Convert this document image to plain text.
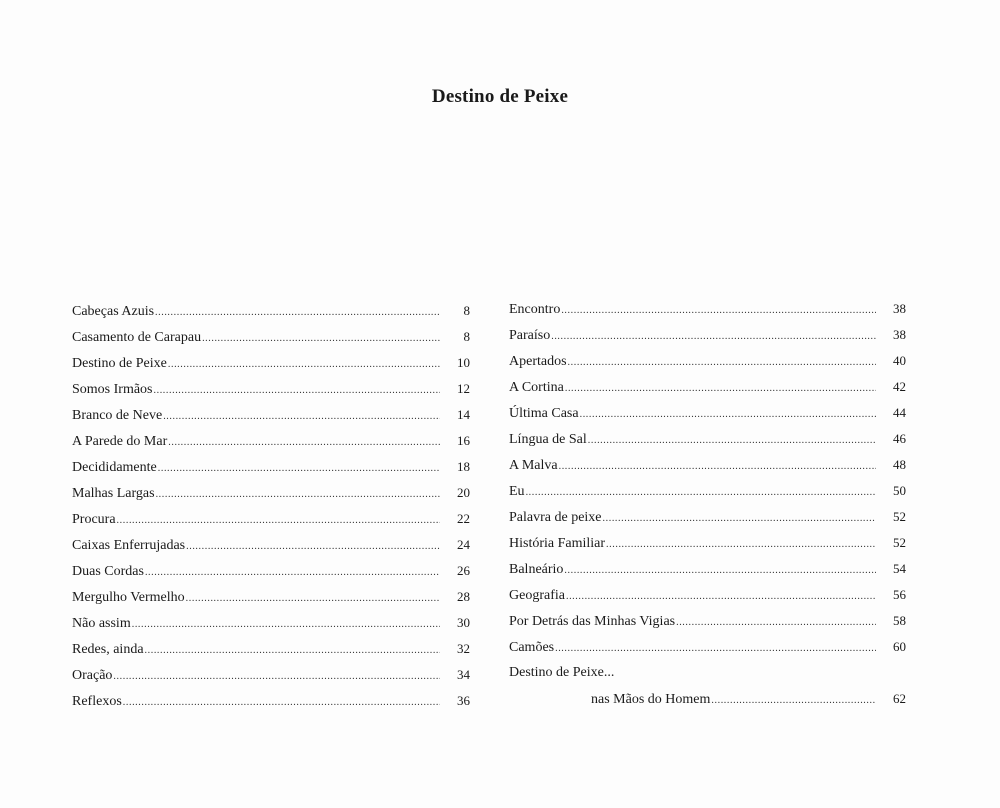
Destino de Peixe
Cabeças Azuis .....	8
Casamento de Carapau .....	8
Destino de Peixe .....	10
Somos Irmãos .....	12
Branco de Neve .....	14
A Parede do Mar .....	16
Decididamente .....	18
Malhas Largas .....	20
Procura .....	22
Caixas Enferrujadas .....	24
Duas Cordas .....	26
Mergulho Vermelho .....	28
Não assim .....	30
Redes, ainda .....	32
Oração .....	34
Reflexos .....	36
Encontro .....	38
Paraíso .....	38
Apertados .....	40
A Cortina .....	42
Última Casa .....	44
Língua de Sal .....	46
A Malva .....	48
Eu .....	50
Palavra de peixe .....	52
História Familiar .....	52
Balneário .....	54
Geografia .....	56
Por Detrás das Minhas Vigias .....	58
Camões .....	60
Destino de Peixe...
nas Mãos do Homem .....	62
